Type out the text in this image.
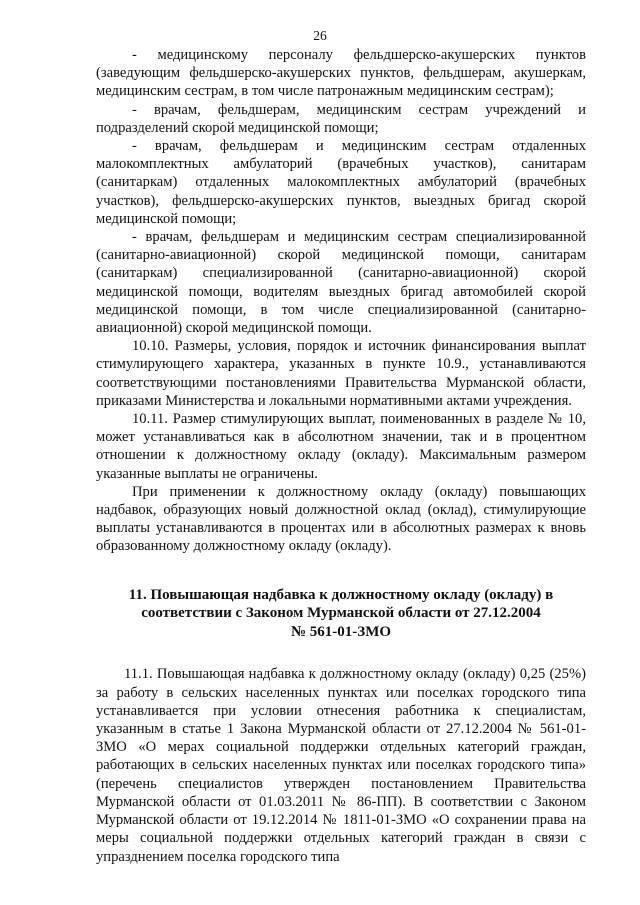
26

- медицинскому персоналу фельдшерско-акушерских пунктов (заведующим фельдшерско-акушерских пунктов, фельдшерам, акушеркам, медицинским сестрам, в том числе патронажным медицинским сестрам);

- врачам, фельдшерам, медицинским сестрам учреждений и подразделений скорой медицинской помощи;

- врачам, фельдшерам и медицинским сестрам отдаленных малокомплектных амбулаторий (врачебных участков), санитарам (санитаркам) отдаленных малокомплектных амбулаторий (врачебных участков), фельдшерско-акушерских пунктов, выездных бригад скорой медицинской помощи;

- врачам, фельдшерам и медицинским сестрам специализированной (санитарно-авиационной) скорой медицинской помощи, санитарам (санитаркам) специализированной (санитарно-авиационной) скорой медицинской помощи, водителям выездных бригад автомобилей скорой медицинской помощи, в том числе специализированной (санитарно-авиационной) скорой медицинской помощи.

10.10. Размеры, условия, порядок и источник финансирования выплат стимулирующего характера, указанных в пункте 10.9., устанавливаются соответствующими постановлениями Правительства Мурманской области, приказами Министерства и локальными нормативными актами учреждения.

10.11. Размер стимулирующих выплат, поименованных в разделе № 10, может устанавливаться как в абсолютном значении, так и в процентном отношении к должностному окладу (окладу). Максимальным размером указанные выплаты не ограничены.

При применении к должностному окладу (окладу) повышающих надбавок, образующих новый должностной оклад (оклад), стимулирующие выплаты устанавливаются в процентах или в абсолютных размерах к вновь образованному должностному окладу (окладу).

11. Повышающая надбавка к должностному окладу (окладу) в
соответствии с Законом Мурманской области от 27.12.2004
№ 561-01-ЗМО

11.1. Повышающая надбавка к должностному окладу (окладу) 0,25 (25%) за работу в сельских населенных пунктах или поселках городского типа устанавливается при условии отнесения работника к специалистам, указанным в статье 1 Закона Мурманской области от 27.12.2004 № 561-01-ЗМО «О мерах социальной поддержки отдельных категорий граждан, работающих в сельских населенных пунктах или поселках городского типа» (перечень специалистов утвержден постановлением Правительства Мурманской области от 01.03.2011 № 86-ПП). В соответствии с Законом Мурманской области от 19.12.2014 № 1811-01-ЗМО «О сохранении права на меры социальной поддержки отдельных категорий граждан в связи с упразднением поселка городского типа
